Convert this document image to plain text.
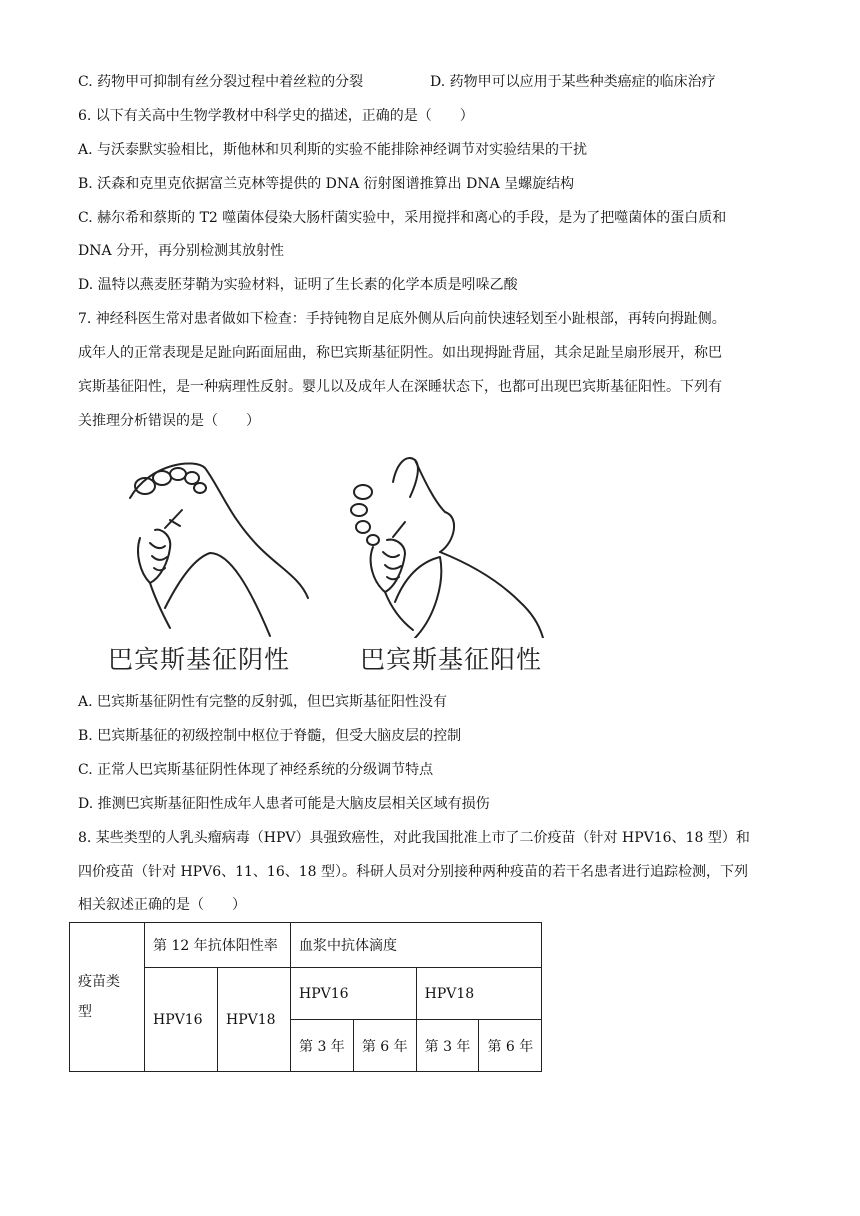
C. 药物甲可抑制有丝分裂过程中着丝粒的分裂	D. 药物甲可以应用于某些种类癌症的临床治疗
6. 以下有关高中生物学教材中科学史的描述，正确的是（　　）
A. 与沃泰默实验相比，斯他林和贝利斯的实验不能排除神经调节对实验结果的干扰
B. 沃森和克里克依据富兰克林等提供的 DNA 衍射图谱推算出 DNA 呈螺旋结构
C. 赫尔希和蔡斯的 T2 噬菌体侵染大肠杆菌实验中，采用搅拌和离心的手段，是为了把噬菌体的蛋白质和
DNA 分开，再分别检测其放射性
D. 温特以燕麦胚芽鞘为实验材料，证明了生长素的化学本质是吲哚乙酸
7. 神经科医生常对患者做如下检查：手持钝物自足底外侧从后向前快速轻划至小趾根部，再转向拇趾侧。
成年人的正常表现是足趾向跖面屈曲，称巴宾斯基征阴性。如出现拇趾背屈，其余足趾呈扇形展开，称巴
宾斯基征阳性，是一种病理性反射。婴儿以及成年人在深睡状态下，也都可出现巴宾斯基征阳性。下列有
关推理分析错误的是（　　）
巴宾斯基征阴性	巴宾斯基征阳性
A. 巴宾斯基征阴性有完整的反射弧，但巴宾斯基征阳性没有
B. 巴宾斯基征的初级控制中枢位于脊髓，但受大脑皮层的控制
C. 正常人巴宾斯基征阴性体现了神经系统的分级调节特点
D. 推测巴宾斯基征阳性成年人患者可能是大脑皮层相关区域有损伤
8. 某些类型的人乳头瘤病毒（HPV）具强致癌性，对此我国批准上市了二价疫苗（针对 HPV16、18 型）和
四价疫苗（针对 HPV6、11、16、18 型）。科研人员对分别接种两种疫苗的若干名患者进行追踪检测，下列
相关叙述正确的是（　　）
疫苗类
型	第 12 年抗体阳性率		血浆中抗体滴度			
	HPV16	HPV18	HPV16		HPV18	
			第 3 年	第 6 年	第 3 年	第 6 年
